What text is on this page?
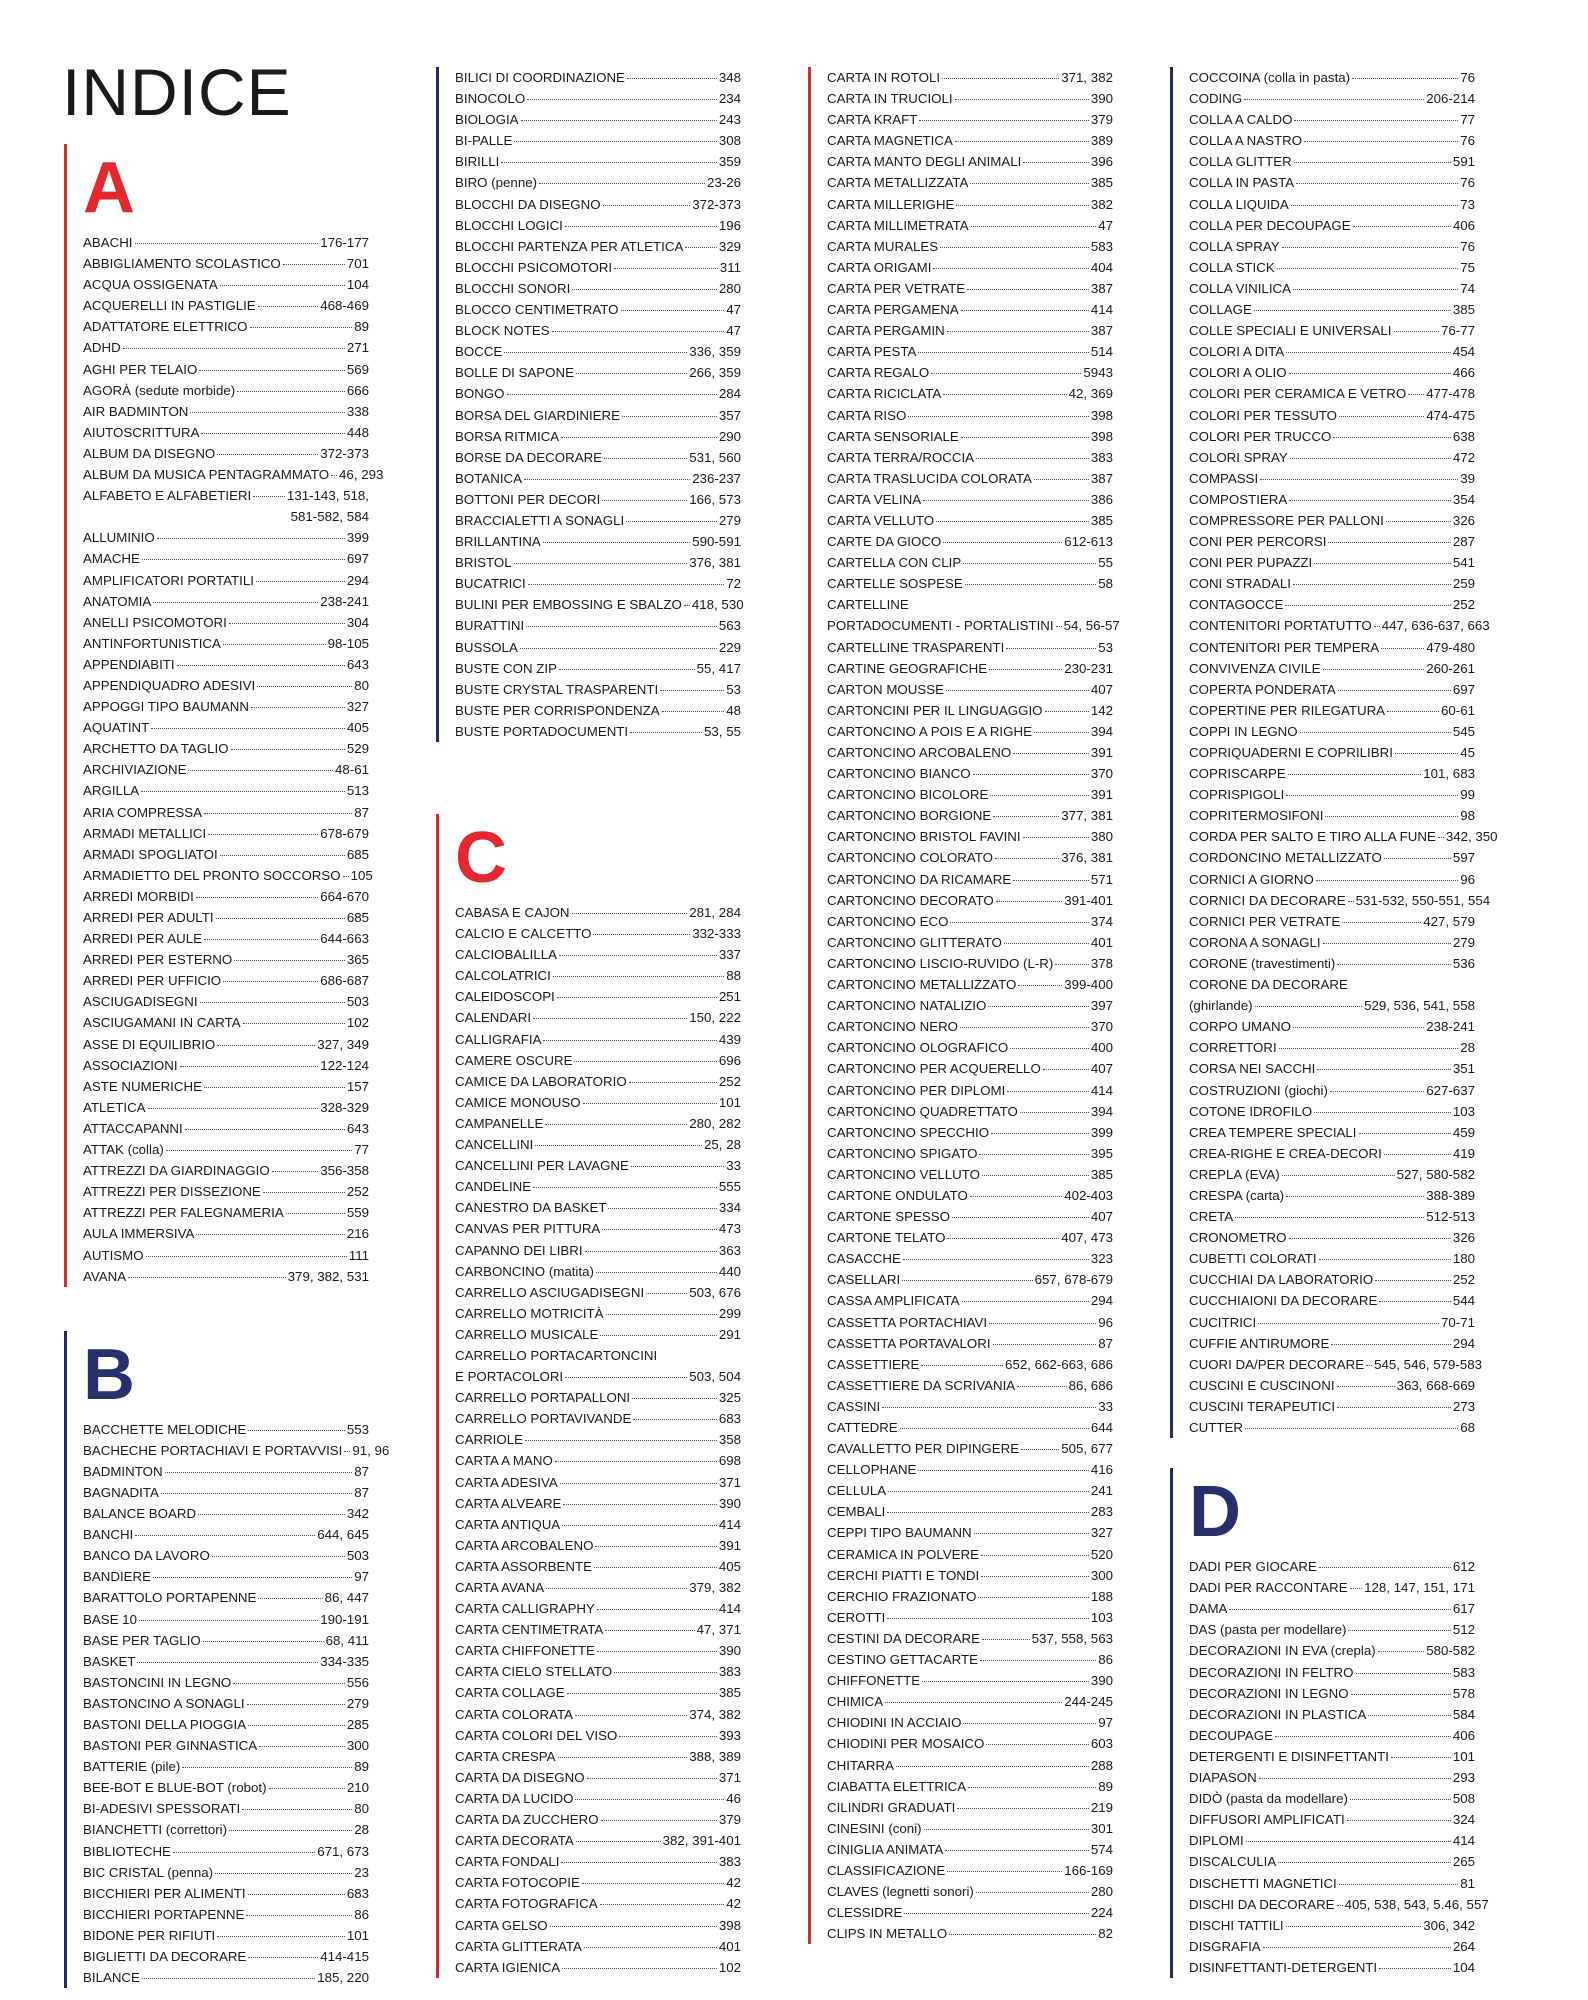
INDICE
A
ABACHI	176-177
ABBIGLIAMENTO SCOLASTICO	701
ACQUA OSSIGENATA	104
ACQUERELLI IN PASTIGLIE	468-469
ADATTATORE ELETTRICO	89
ADHD	271
AGHI PER TELAIO	569
AGORÀ (sedute morbide)	666
AIR BADMINTON	338
AIUTOSCRITTURA	448
ALBUM DA DISEGNO	372-373
ALBUM DA MUSICA PENTAGRAMMATO 46, 293
ALFABETO E ALFABETIERI	131-143, 518,
581-582, 584
ALLUMINIO	399
AMACHE	697
AMPLIFICATORI PORTATILI	294
ANATOMIA	238-241
ANELLI PSICOMOTORI	304
ANTINFORTUNISTICA	98-105
APPENDIABITI	643
APPENDIQUADRO ADESIVI	80
APPOGGI TIPO BAUMANN	327
AQUATINT	405
ARCHETTO DA TAGLIO	529
ARCHIVIAZIONE	48-61
ARGILLA	513
ARIA COMPRESSA	87
ARMADI METALLICI	678-679
ARMADI SPOGLIATOI	685
ARMADIETTO DEL PRONTO SOCCORSO 105
ARREDI MORBIDI	664-670
ARREDI PER ADULTI	685
ARREDI PER AULE	644-663
ARREDI PER ESTERNO	365
ARREDI PER UFFICIO	686-687
ASCIUGADISEGNI	503
ASCIUGAMANI IN CARTA	102
ASSE DI EQUILIBRIO	327, 349
ASSOCIAZIONI	122-124
ASTE NUMERICHE	157
ATLETICA	328-329
ATTACCAPANNI	643
ATTAK (colla)	77
ATTREZZI DA GIARDINAGGIO	356-358
ATTREZZI PER DISSEZIONE	252
ATTREZZI PER FALEGNAMERIA	559
AULA IMMERSIVA	216
AUTISMO	111
AVANA	379, 382, 531
B
BACCHETTE MELODICHE	553
BACHECHE PORTACHIAVI E PORTAVVISI 91, 96
BADMINTON	87
BAGNADITA	87
BALANCE BOARD	342
BANCHI	644, 645
BANCO DA LAVORO	503
BANDIERE	97
BARATTOLO PORTAPENNE	86, 447
BASE 10	190-191
BASE PER TAGLIO	68, 411
BASKET	334-335
BASTONCINI IN LEGNO	556
BASTONCINO A SONAGLI	279
BASTONI DELLA PIOGGIA	285
BASTONI PER GINNASTICA	300
BATTERIE (pile)	89
BEE-BOT E BLUE-BOT (robot)	210
BI-ADESIVI SPESSORATI	80
BIANCHETTI (correttori)	28
BIBLIOTECHE	671, 673
BIC CRISTAL (penna)	23
BICCHIERI PER ALIMENTI	683
BICCHIERI PORTAPENNE	86
BIDONE PER RIFIUTI	101
BIGLIETTI DA DECORARE	414-415
BILANCE	185, 220
BILICI DI COORDINAZIONE	348
BINOCOLO	234
BIOLOGIA	243
BI-PALLE	308
BIRILLI	359
BIRO (penne)	23-26
BLOCCHI DA DISEGNO	372-373
BLOCCHI LOGICI	196
BLOCCHI PARTENZA PER ATLETICA	329
BLOCCHI PSICOMOTORI	311
BLOCCHI SONORI	280
BLOCCO CENTIMETRATO	47
BLOCK NOTES	47
BOCCE	336, 359
BOLLE DI SAPONE	266, 359
BONGO	284
BORSA DEL GIARDINIERE	357
BORSA RITMICA	290
BORSE DA DECORARE	531, 560
BOTANICA	236-237
BOTTONI PER DECORI	166, 573
BRACCIALETTI A SONAGLI	279
BRILLANTINA	590-591
BRISTOL	376, 381
BUCATRICI	72
BULINI PER EMBOSSING E SBALZO 418, 530
BURATTINI	563
BUSSOLA	229
BUSTE CON ZIP	55, 417
BUSTE CRYSTAL TRASPARENTI	53
BUSTE PER CORRISPONDENZA	48
BUSTE PORTADOCUMENTI	53, 55
C
CABASA E CAJON	281, 284
CALCIO E CALCETTO	332-333
CALCIOBALILLA	337
CALCOLATRICI	88
CALEIDOSCOPI	251
CALENDARI	150, 222
CALLIGRAFIA	439
CAMERE OSCURE	696
CAMICE DA LABORATORIO	252
CAMICE MONOUSO	101
CAMPANELLE	280, 282
CANCELLINI	25, 28
CANCELLINI PER LAVAGNE	33
CANDELINE	555
CANESTRO DA BASKET	334
CANVAS PER PITTURA	473
CAPANNO DEI LIBRI	363
CARBONCINO (matita)	440
CARRELLO ASCIUGADISEGNI	503, 676
CARRELLO MOTRICITÀ	299
CARRELLO MUSICALE	291
CARRELLO PORTACARTONCINI
E PORTACOLORI	503, 504
CARRELLO PORTAPALLONI	325
CARRELLO PORTAVIVANDE	683
CARRIOLE	358
CARTA A MANO	698
CARTA ADESIVA	371
CARTA ALVEARE	390
CARTA ANTIQUA	414
CARTA ARCOBALENO	391
CARTA ASSORBENTE	405
CARTA AVANA	379, 382
CARTA CALLIGRAPHY	414
CARTA CENTIMETRATA	47, 371
CARTA CHIFFONETTE	390
CARTA CIELO STELLATO	383
CARTA COLLAGE	385
CARTA COLORATA	374, 382
CARTA COLORI DEL VISO	393
CARTA CRESPA	388, 389
CARTA DA DISEGNO	371
CARTA DA LUCIDO	46
CARTA DA ZUCCHERO	379
CARTA DECORATA	382, 391-401
CARTA FONDALI	383
CARTA FOTOCOPIE	42
CARTA FOTOGRAFICA	42
CARTA GELSO	398
CARTA GLITTERATA	401
CARTA IGIENICA	102
CARTA IN ROTOLI	371, 382
CARTA IN TRUCIOLI	390
CARTA KRAFT	379
CARTA MAGNETICA	389
CARTA MANTO DEGLI ANIMALI	396
CARTA METALLIZZATA	385
CARTA MILLERIGHE	382
CARTA MILLIMETRATA	47
CARTA MURALES	583
CARTA ORIGAMI	404
CARTA PER VETRATE	387
CARTA PERGAMENA	414
CARTA PERGAMIN	387
CARTA PESTA	514
CARTA REGALO	5943
CARTA RICICLATA	42, 369
CARTA RISO	398
CARTA SENSORIALE	398
CARTA TERRA/ROCCIA	383
CARTA TRASLUCIDA COLORATA	387
CARTA VELINA	386
CARTA VELLUTO	385
CARTE DA GIOCO	612-613
CARTELLA CON CLIP	55
CARTELLE SOSPESE	58
CARTELLINE
PORTADOCUMENTI - PORTALISTINI 54, 56-57
CARTELLINE TRASPARENTI	53
CARTINE GEOGRAFICHE	230-231
CARTON MOUSSE	407
CARTONCINI PER IL LINGUAGGIO	142
CARTONCINO A POIS E A RIGHE	394
CARTONCINO ARCOBALENO	391
CARTONCINO BIANCO	370
CARTONCINO BICOLORE	391
CARTONCINO BORGIONE	377, 381
CARTONCINO BRISTOL FAVINI	380
CARTONCINO COLORATO	376, 381
CARTONCINO DA RICAMARE	571
CARTONCINO DECORATO	391-401
CARTONCINO ECO	374
CARTONCINO GLITTERATO	401
CARTONCINO LISCIO-RUVIDO (L-R)	378
CARTONCINO METALLIZZATO	399-400
CARTONCINO NATALIZIO	397
CARTONCINO NERO	370
CARTONCINO OLOGRAFICO	400
CARTONCINO PER ACQUERELLO	407
CARTONCINO PER DIPLOMI	414
CARTONCINO QUADRETTATO	394
CARTONCINO SPECCHIO	399
CARTONCINO SPIGATO	395
CARTONCINO VELLUTO	385
CARTONE ONDULATO	402-403
CARTONE SPESSO	407
CARTONE TELATO	407, 473
CASACCHE	323
CASELLARI	657, 678-679
CASSA AMPLIFICATA	294
CASSETTA PORTACHIAVI	96
CASSETTA PORTAVALORI	87
CASSETTIERE	652, 662-663, 686
CASSETTIERE DA SCRIVANIA	86, 686
CASSINI	33
CATTEDRE	644
CAVALLETTO PER DIPINGERE	505, 677
CELLOPHANE	416
CELLULA	241
CEMBALI	283
CEPPI TIPO BAUMANN	327
CERAMICA IN POLVERE	520
CERCHI PIATTI E TONDI	300
CERCHIO FRAZIONATO	188
CEROTTI	103
CESTINI DA DECORARE	537, 558, 563
CESTINO GETTACARTE	86
CHIFFONETTE	390
CHIMICA	244-245
CHIODINI IN ACCIAIO	97
CHIODINI PER MOSAICO	603
CHITARRA	288
CIABATTA ELETTRICA	89
CILINDRI GRADUATI	219
CINESINI (coni)	301
CINIGLIA ANIMATA	574
CLASSIFICAZIONE	166-169
CLAVES (legnetti sonori)	280
CLESSIDRE	224
CLIPS IN METALLO	82
COCCOINA (colla in pasta)	76
CODING	206-214
COLLA A CALDO	77
COLLA A NASTRO	76
COLLA GLITTER	591
COLLA IN PASTA	76
COLLA LIQUIDA	73
COLLA PER DECOUPAGE	406
COLLA SPRAY	76
COLLA STICK	75
COLLA VINILICA	74
COLLAGE	385
COLLE SPECIALI E UNIVERSALI	76-77
COLORI A DITA	454
COLORI A OLIO	466
COLORI PER CERAMICA E VETRO 477-478
COLORI PER TESSUTO	474-475
COLORI PER TRUCCO	638
COLORI SPRAY	472
COMPASSI	39
COMPOSTIERA	354
COMPRESSORE PER PALLONI	326
CONI PER PERCORSI	287
CONI PER PUPAZZI	541
CONI STRADALI	259
CONTAGOCCE	252
CONTENITORI PORTATUTTO 447, 636-637, 663
CONTENITORI PER TEMPERA	479-480
CONVIVENZA CIVILE	260-261
COPERTA PONDERATA	697
COPERTINE PER RILEGATURA	60-61
COPPI IN LEGNO	545
COPRIQUADERNI E COPRILIBRI	45
COPRISCARPE	101, 683
COPRISPIGOLI	99
COPRITERMOSIFONI	98
CORDA PER SALTO E TIRO ALLA FUNE 342, 350
CORDONCINO METALLIZZATO	597
CORNICI A GIORNO	96
CORNICI DA DECORARE 531-532, 550-551, 554
CORNICI PER VETRATE	427, 579
CORONA A SONAGLI	279
CORONE (travestimenti)	536
CORONE DA DECORARE
(ghirlande)	529, 536, 541, 558
CORPO UMANO	238-241
CORRETTORI	28
CORSA NEI SACCHI	351
COSTRUZIONI (giochi)	627-637
COTONE IDROFILO	103
CREA TEMPERE SPECIALI	459
CREA-RIGHE E CREA-DECORI	419
CREPLA (EVA)	527, 580-582
CRESPA (carta)	388-389
CRETA	512-513
CRONOMETRO	326
CUBETTI COLORATI	180
CUCCHIAI DA LABORATORIO	252
CUCCHIAIONI DA DECORARE	544
CUCITRICI	70-71
CUFFIE ANTIRUMORE	294
CUORI DA/PER DECORARE 545, 546, 579-583
CUSCINI E CUSCINONI	363, 668-669
CUSCINI TERAPEUTICI	273
CUTTER	68
D
DADI PER GIOCARE	612
DADI PER RACCONTARE 128, 147, 151, 171
DAMA	617
DAS (pasta per modellare)	512
DECORAZIONI IN EVA (crepla)	580-582
DECORAZIONI IN FELTRO	583
DECORAZIONI IN LEGNO	578
DECORAZIONI IN PLASTICA	584
DECOUPAGE	406
DETERGENTI E DISINFETTANTI	101
DIAPASON	293
DIDÒ (pasta da modellare)	508
DIFFUSORI AMPLIFICATI	324
DIPLOMI	414
DISCALCULIA	265
DISCHETTI MAGNETICI	81
DISCHI DA DECORARE 405, 538, 543, 5.46, 557
DISCHI TATTILI	306, 342
DISGRAFIA	264
DISINFETTANTI-DETERGENTI	104
